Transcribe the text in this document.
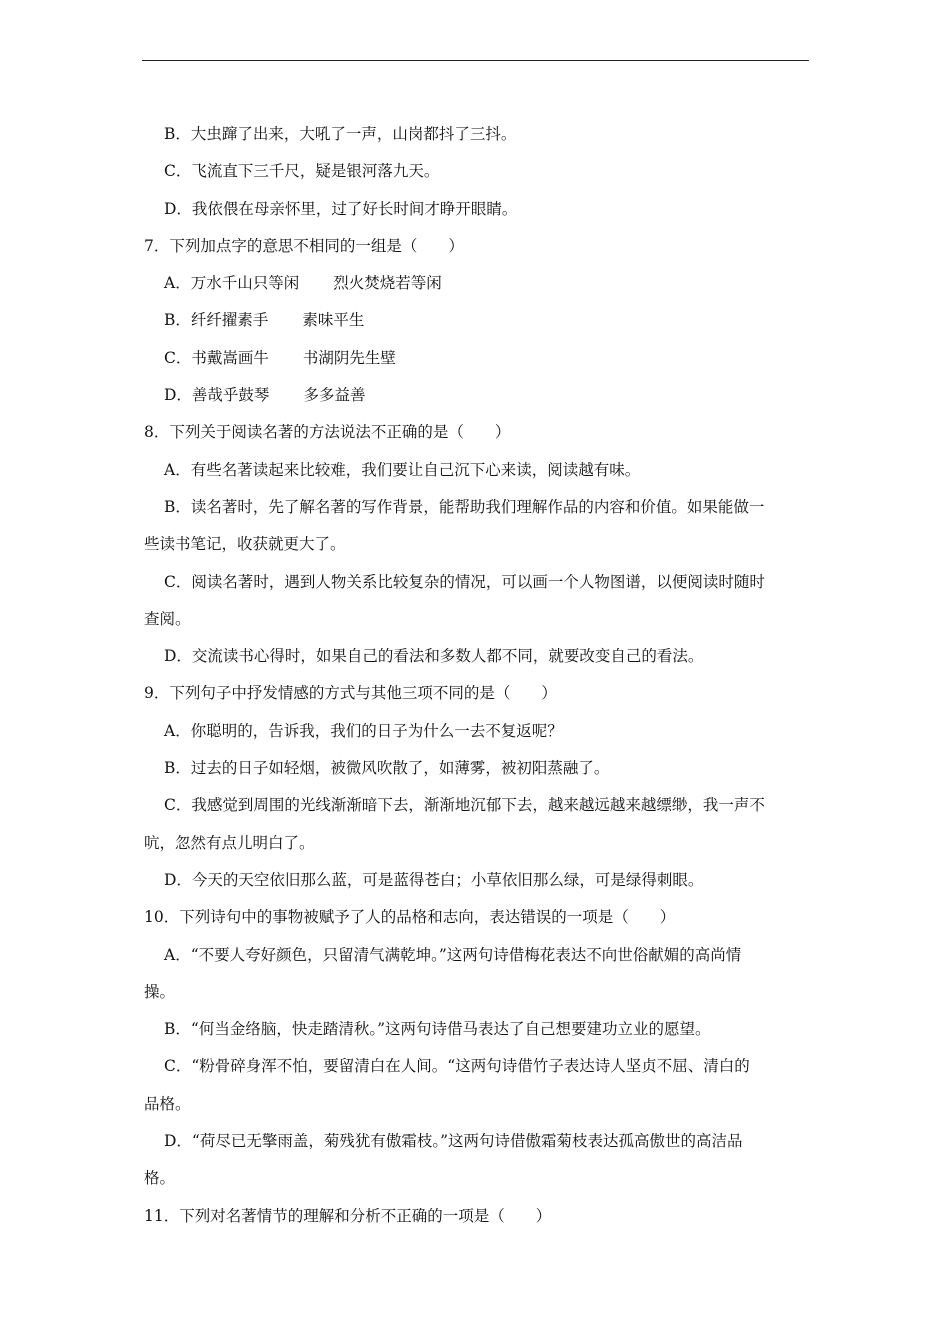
B．大虫蹿了出来，大吼了一声，山岗都抖了三抖。
C．飞流直下三千尺，疑是银河落九天。
D．我依偎在母亲怀里，过了好长时间才睁开眼睛。
7．下列加点字的意思不相同的一组是（　　）
A．万水千山只等闲 烈火焚烧若等闲
B．纤纤擢素手 素味平生
C．书戴嵩画牛 书湖阴先生壁
D．善哉乎鼓琴 多多益善
8．下列关于阅读名著的方法说法不正确的是（　　）
A．有些名著读起来比较难，我们要让自己沉下心来读，阅读越有味。
B．读名著时，先了解名著的写作背景，能帮助我们理解作品的内容和价值。如果能做一
些读书笔记，收获就更大了。
C．阅读名著时，遇到人物关系比较复杂的情况，可以画一个人物图谱，以便阅读时随时
查阅。
D．交流读书心得时，如果自己的看法和多数人都不同，就要改变自己的看法。
9．下列句子中抒发情感的方式与其他三项不同的是（　　）
A．你聪明的，告诉我，我们的日子为什么一去不复返呢？
B．过去的日子如轻烟，被微风吹散了，如薄雾，被初阳蒸融了。
C．我感觉到周围的光线渐渐暗下去，渐渐地沉郁下去，越来越远越来越缥缈，我一声不
吭，忽然有点儿明白了。
D．今天的天空依旧那么蓝，可是蓝得苍白；小草依旧那么绿，可是绿得刺眼。
10．下列诗句中的事物被赋予了人的品格和志向，表达错误的一项是（　　）
A．“不要人夸好颜色，只留清气满乾坤。”这两句诗借梅花表达不向世俗献媚的高尚情
操。
B．“何当金络脑，快走踏清秋。”这两句诗借马表达了自己想要建功立业的愿望。
C．“粉骨碎身浑不怕，要留清白在人间。“这两句诗借竹子表达诗人坚贞不屈、清白的
品格。
D．“荷尽已无擎雨盖，菊残犹有傲霜枝。”这两句诗借傲霜菊枝表达孤高傲世的高洁品
格。
11．下列对名著情节的理解和分析不正确的一项是（　　）
